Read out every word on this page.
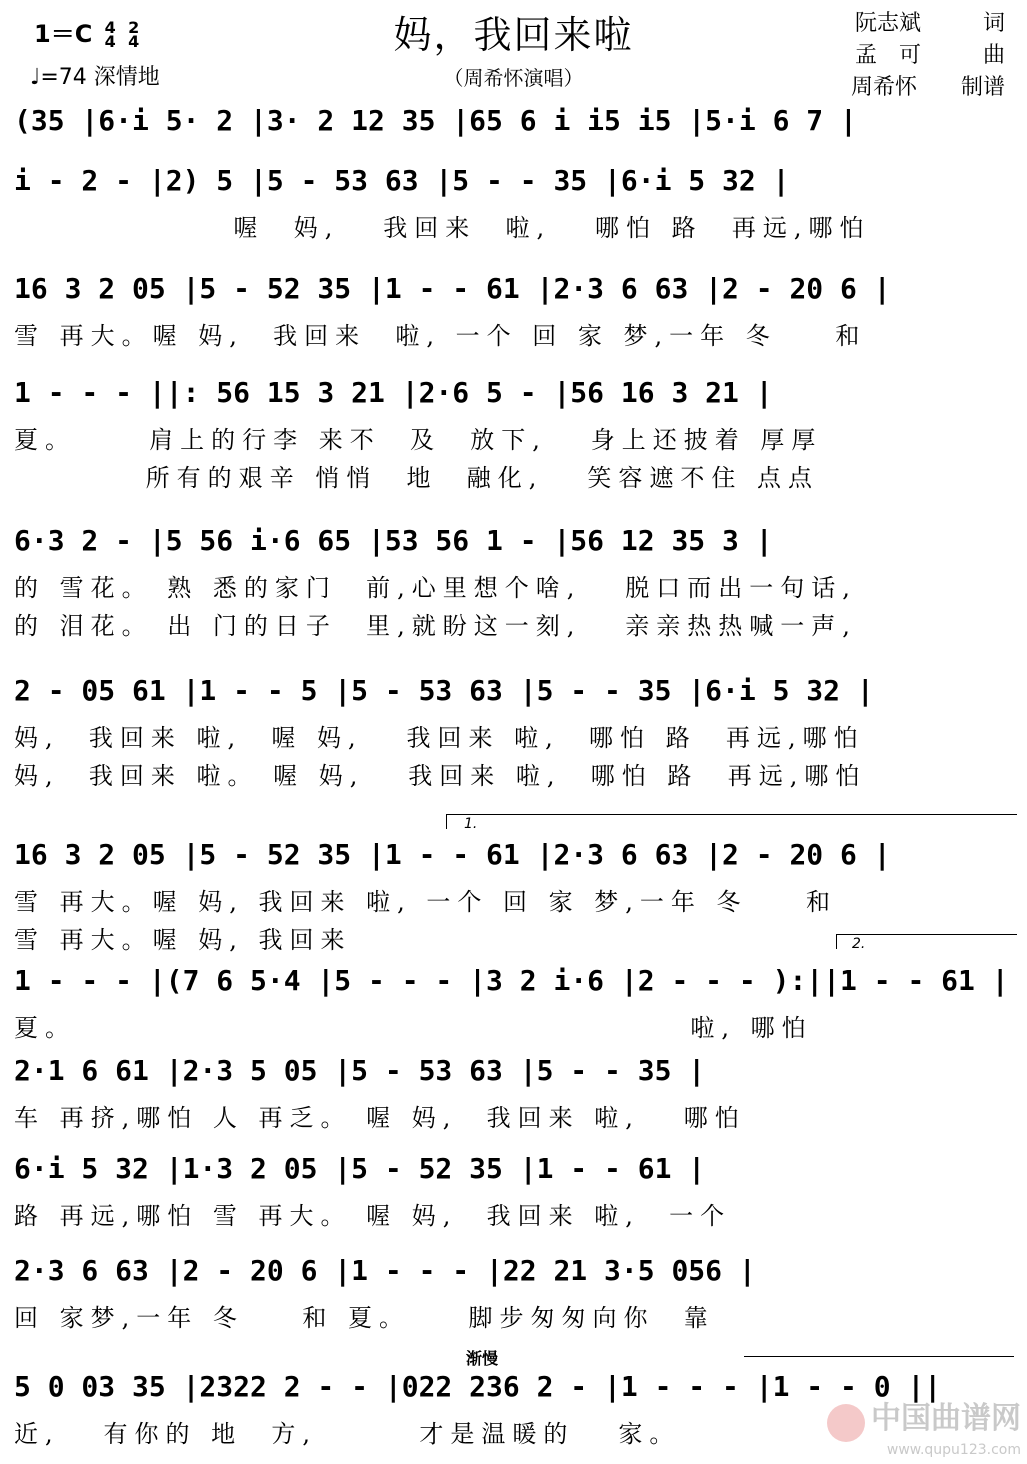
1＝C 4
4 2
4
♩=74 深情地
妈，我回来啦
（周希怀演唱）
阮志斌　　	词
孟　可　　	曲
周希怀　　 制谱
(35 |6·i 5· 2 |3· 2 12 35 |65 6 i i5 i5 |5·i 6 7 |
i - 2 - |2) 5 |5 - 53 63 |5 - - 35 |6·i 5 32 |
喔  妈,   我回来  啦,   哪怕 路  再远,哪怕
16 3 2 05 |5 - 52 35 |1 - - 61 |2·3 6 63 |2 - 20 6 |
雪 再大。喔 妈,  我回来  啦, 一个 回 家 梦,一年 冬    和
1 - - - ||: 56 15 3 21 |2·6 5 - |56 16 3 21 |
夏。     肩上的行李 来不  及  放下,   身上还披着 厚厚
所有的艰辛 悄悄  地  融化,   笑容遮不住 点点
6·3 2 - |5 56 i·6 65 |53 56 1 - |56 12 35 3 |
的 雪花。 熟 悉的家门  前,心里想个啥,   脱口而出一句话,
的 泪花。 出 门的日子  里,就盼这一刻,   亲亲热热喊一声,
2 - 05 61 |1 - - 5 |5 - 53 63 |5 - - 35 |6·i 5 32 |
妈,  我回来 啦,  喔 妈,   我回来 啦,  哪怕 路  再远,哪怕
妈,  我回来 啦。 喔 妈,   我回来 啦,  哪怕 路  再远,哪怕
16 3 2 05 |5 - 52 35 |1 - - 61 |2·3 6 63 |2 - 20 6 |
雪 再大。喔 妈, 我回来 啦, 一个 回 家 梦,一年 冬    和
雪 再大。喔 妈, 我回来
1 - - - |(7 6 5·4 |5 - - - |3 2 i·6 |2 - - - ):||1 - - 61 |
夏。                                          啦, 哪怕
2·1 6 61 |2·3 5 05 |5 - 53 63 |5 - - 35 |
车 再挤,哪怕 人 再乏。 喔 妈,  我回来 啦,   哪怕
6·i 5 32 |1·3 2 05 |5 - 52 35 |1 - - 61 |
路 再远,哪怕 雪 再大。 喔 妈,  我回来 啦,  一个
2·3 6 63 |2 - 20 6 |1 - - - |22 21 3·5 056 |
回 家梦,一年 冬    和 夏。    脚步匆匆向你  靠
5 0 03 35 |2322 2 - - |022 236 2 - |1 - - - |1 - - 0 ||
近,   有你的 地  方,       才是温暖的   家。
1.
2.
渐慢
中国曲谱网
www.qupu123.com
